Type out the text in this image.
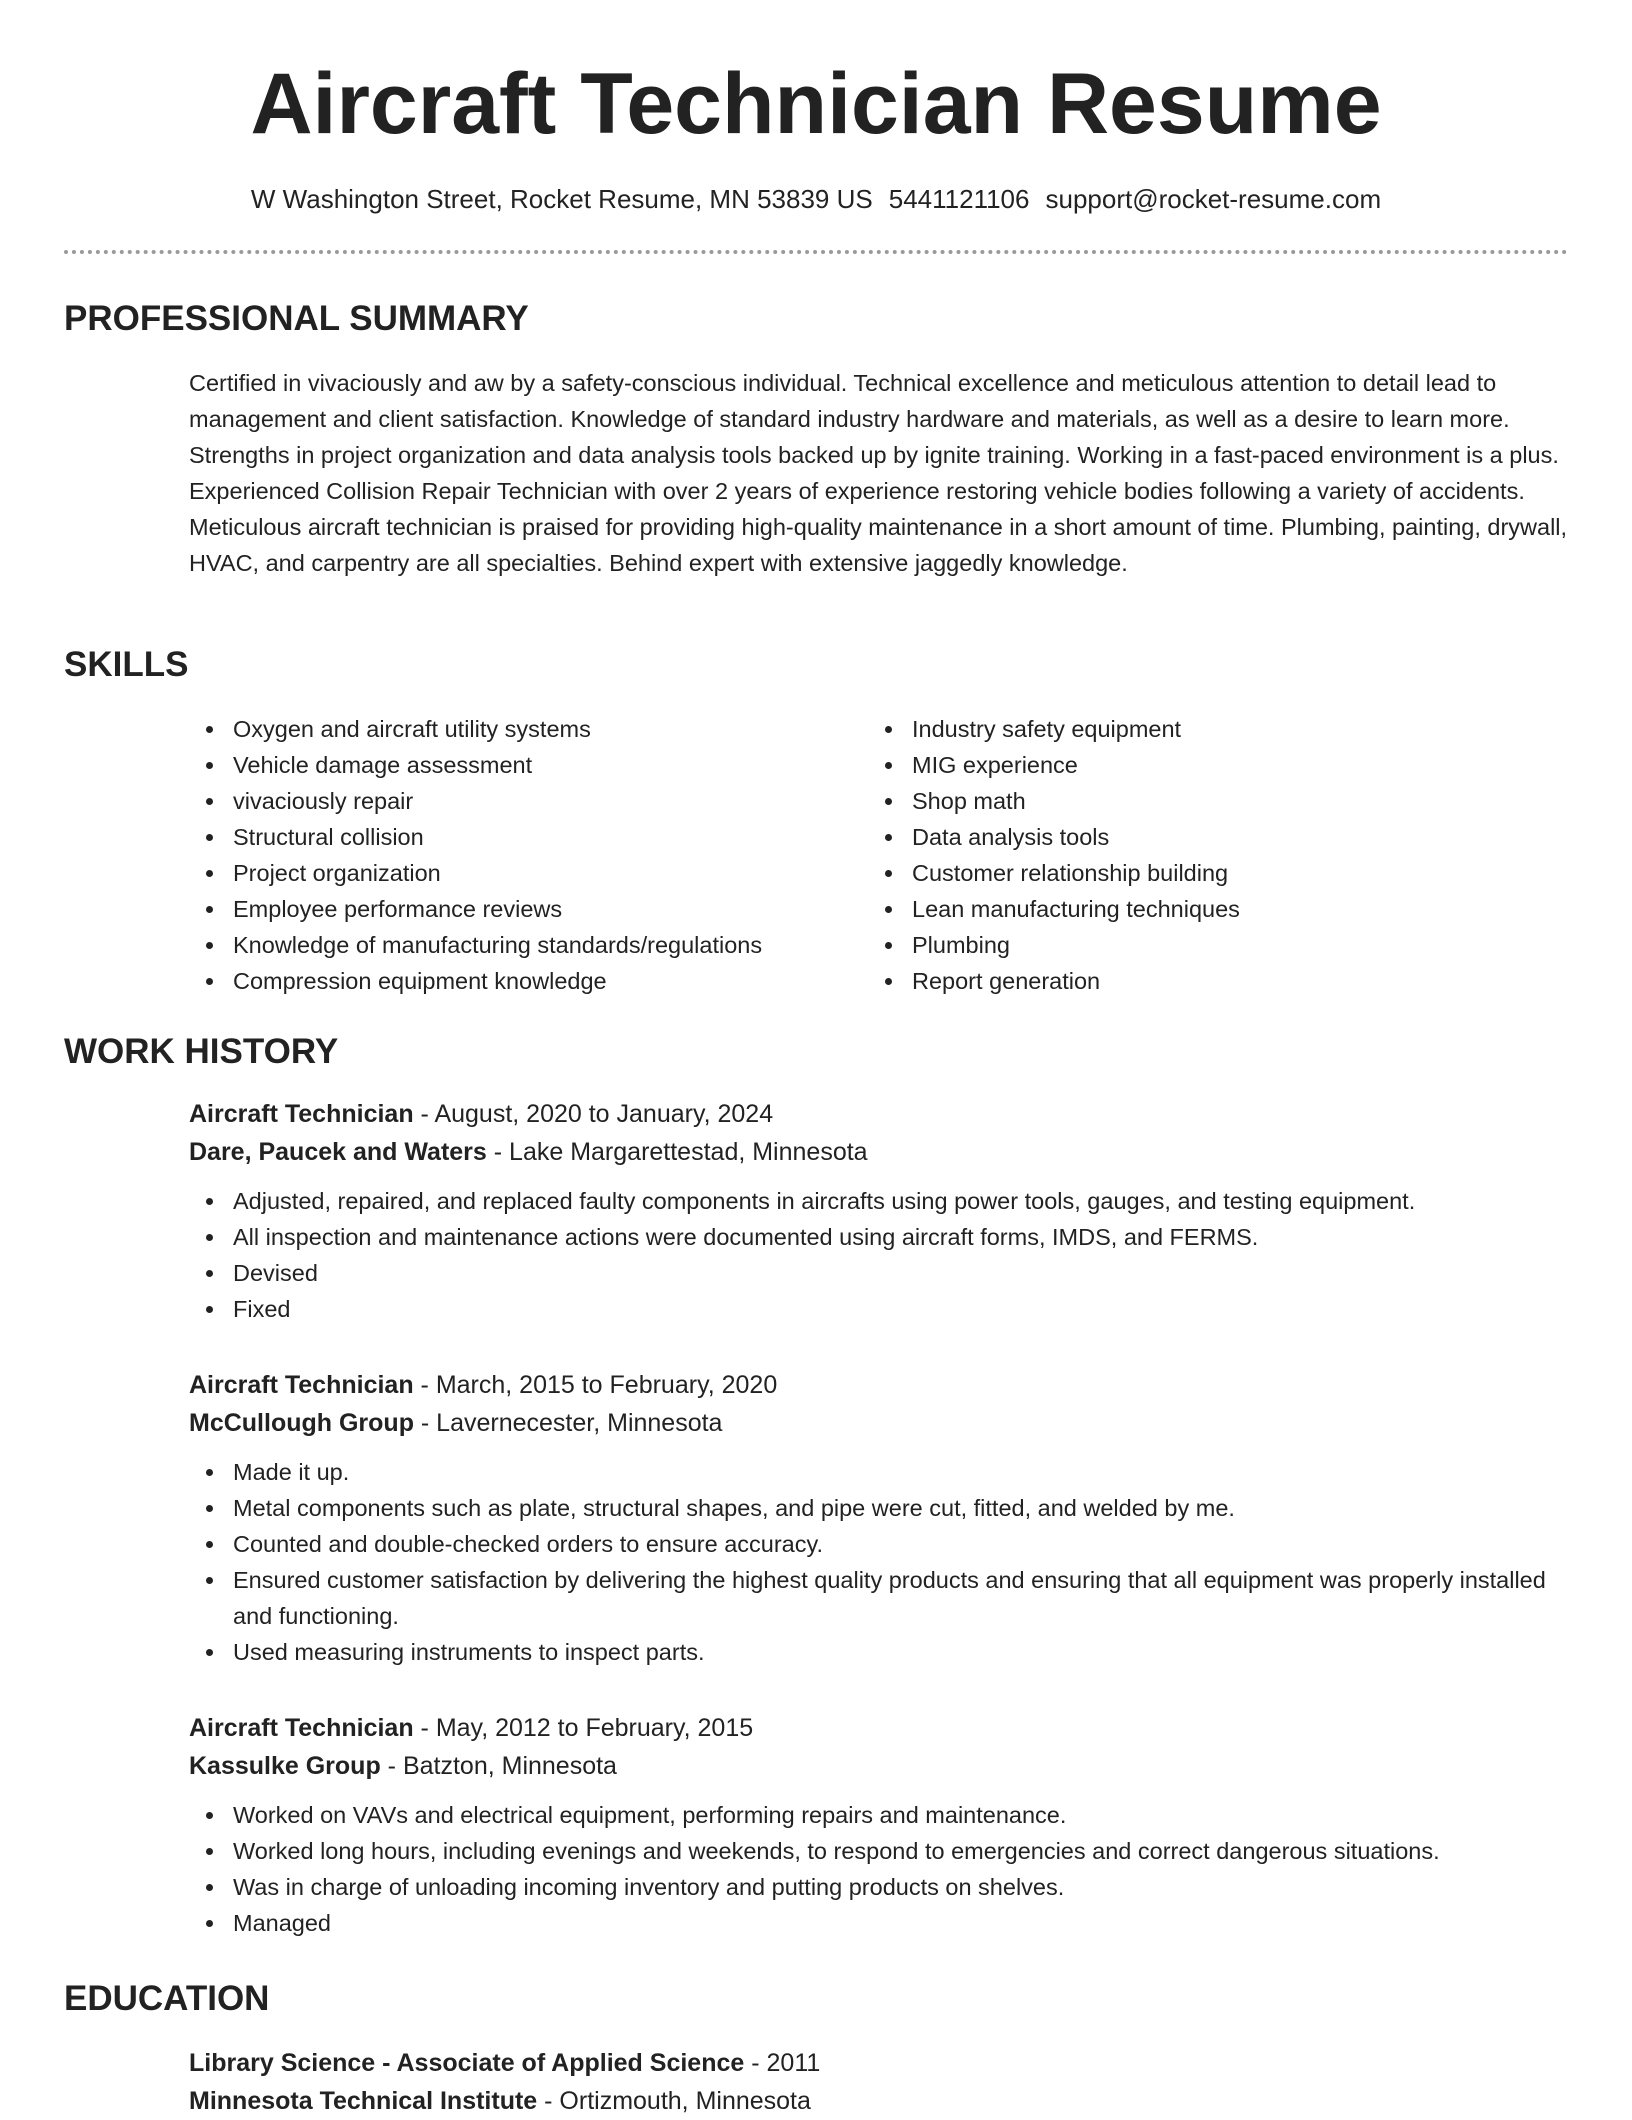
Aircraft Technician Resume
W Washington Street, Rocket Resume, MN 53839 US 5441121106 support@rocket-resume.com
PROFESSIONAL SUMMARY

Certified in vivaciously and aw by a safety-conscious individual. Technical excellence and meticulous attention to detail lead to management and client satisfaction. Knowledge of standard industry hardware and materials, as well as a desire to learn more. Strengths in project organization and data analysis tools backed up by ignite training. Working in a fast-paced environment is a plus. Experienced Collision Repair Technician with over 2 years of experience restoring vehicle bodies following a variety of accidents. Meticulous aircraft technician is praised for providing high-quality maintenance in a short amount of time. Plumbing, painting, drywall, HVAC, and carpentry are all specialties. Behind expert with extensive jaggedly knowledge.

SKILLS
Oxygen and aircraft utility systems
Vehicle damage assessment
vivaciously repair
Structural collision
Project organization
Employee performance reviews
Knowledge of manufacturing standards/regulations
Compression equipment knowledge
Industry safety equipment
MIG experience
Shop math
Data analysis tools
Customer relationship building
Lean manufacturing techniques
Plumbing
Report generation
WORK HISTORY

Aircraft Technician - August, 2020 to January, 2024

Dare, Paucek and Waters - Lake Margarettestad, Minnesota

Adjusted, repaired, and replaced faulty components in aircrafts using power tools, gauges, and testing equipment.
All inspection and maintenance actions were documented using aircraft forms, IMDS, and FERMS.
Devised
Fixed

Aircraft Technician - March, 2015 to February, 2020

McCullough Group - Lavernecester, Minnesota

Made it up.
Metal components such as plate, structural shapes, and pipe were cut, fitted, and welded by me.
Counted and double-checked orders to ensure accuracy.
Ensured customer satisfaction by delivering the highest quality products and ensuring that all equipment was properly installed and functioning.
Used measuring instruments to inspect parts.

Aircraft Technician - May, 2012 to February, 2015

Kassulke Group - Batzton, Minnesota

Worked on VAVs and electrical equipment, performing repairs and maintenance.
Worked long hours, including evenings and weekends, to respond to emergencies and correct dangerous situations.
Was in charge of unloading incoming inventory and putting products on shelves.
Managed
EDUCATION

Library Science - Associate of Applied Science - 2011

Minnesota Technical Institute - Ortizmouth, Minnesota
